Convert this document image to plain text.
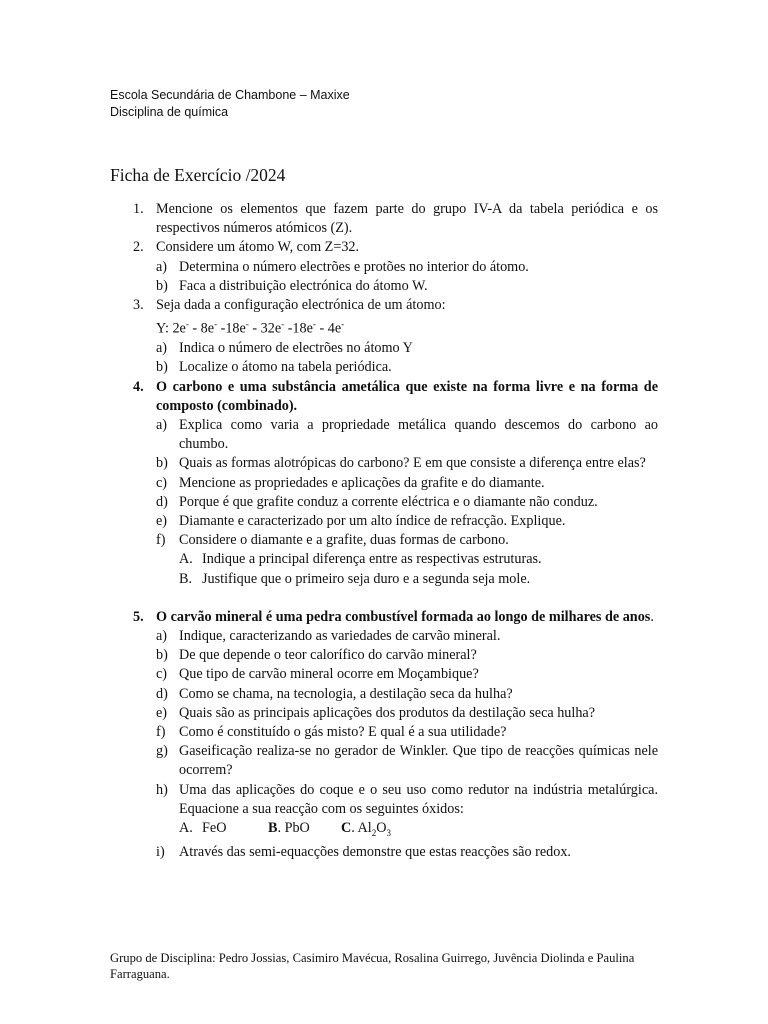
Escola Secundária de Chambone – Maxixe
Disciplina de química
Ficha de Exercício /2024
1. Mencione os elementos que fazem parte do grupo IV-A da tabela periódica e os respectivos números atómicos (Z).
2. Considere um átomo W, com Z=32.
a) Determina o número electrões e protões no interior do átomo.
b) Faca a distribuição electrónica do átomo W.
3. Seja dada a configuração electrónica de um átomo:
Y: 2e- - 8e- -18e- - 32e- -18e- - 4e-
a) Indica o número de electrões no átomo Y
b) Localize o átomo na tabela periódica.
4. O carbono e uma substância ametálica que existe na forma livre e na forma de composto (combinado).
a) Explica como varia a propriedade metálica quando descemos do carbono ao chumbo.
b) Quais as formas alotrópicas do carbono? E em que consiste a diferença entre elas?
c) Mencione as propriedades e aplicações da grafite e do diamante.
d) Porque é que grafite conduz a corrente eléctrica e o diamante não conduz.
e) Diamante e caracterizado por um alto índice de refracção. Explique.
f) Considere o diamante e a grafite, duas formas de carbono.
A. Indique a principal diferença entre as respectivas estruturas.
B. Justifique que o primeiro seja duro e a segunda seja mole.
5. O carvão mineral é uma pedra combustível formada ao longo de milhares de anos.
a) Indique, caracterizando as variedades de carvão mineral.
b) De que depende o teor calorífico do carvão mineral?
c) Que tipo de carvão mineral ocorre em Moçambique?
d) Como se chama, na tecnologia, a destilação seca da hulha?
e) Quais são as principais aplicações dos produtos da destilação seca hulha?
f) Como é constituído o gás misto? E qual é a sua utilidade?
g) Gaseificação realiza-se no gerador de Winkler. Que tipo de reacções químicas nele ocorrem?
h) Uma das aplicações do coque e o seu uso como redutor na indústria metalúrgica. Equacione a sua reacção com os seguintes óxidos:
A. FeO	B. PbO C. $Al_2O_3$
i) Através das semi-equacções demonstre que estas reacções são redox.
Grupo de Disciplina: Pedro Jossias, Casimiro Mavécua, Rosalina Guirrego, Juvência Diolinda e Paulina Farraguana.
